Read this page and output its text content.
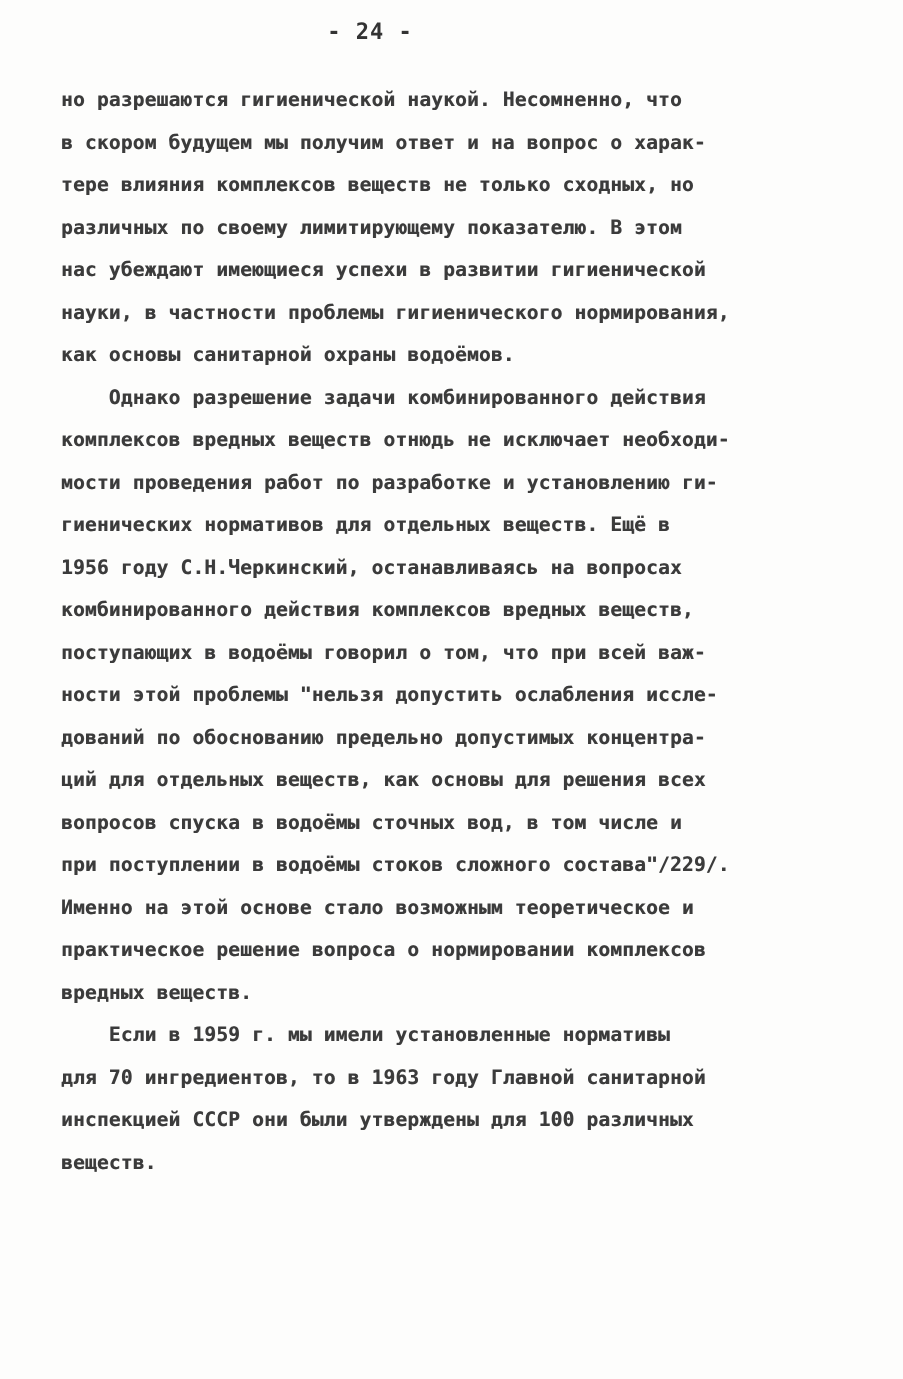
- 24 -
но разрешаются гигиенической наукой. Несомненно, что
в скором будущем мы получим ответ и на вопрос о харак-
тере влияния комплексов веществ не только сходных, но
различных по своему лимитирующему показателю. В этом
нас убеждают имеющиеся успехи в развитии гигиенической
науки, в частности проблемы гигиенического нормирования,
как основы санитарной охраны водоёмов.
Однако разрешение задачи комбинированного действия
комплексов вредных веществ отнюдь не исключает необходи-
мости проведения работ по разработке и установлению ги-
гиенических нормативов для отдельных веществ. Ещё в
1956 году С.Н.Черкинский, останавливаясь на вопросах
комбинированного действия комплексов вредных веществ,
поступающих в водоёмы говорил о том, что при всей важ-
ности этой проблемы "нельзя допустить ослабления иссле-
дований по обоснованию предельно допустимых концентра-
ций для отдельных веществ, как основы для решения всех
вопросов спуска в водоёмы сточных вод, в том числе и
при поступлении в водоёмы стоков сложного состава"/229/.
Именно на этой основе стало возможным теоретическое и
практическое решение вопроса о нормировании комплексов
вредных веществ.
Если в 1959 г. мы имели установленные нормативы
для 70 ингредиентов, то в 1963 году Главной санитарной
инспекцией СССР они были утверждены для 100 различных
веществ.
